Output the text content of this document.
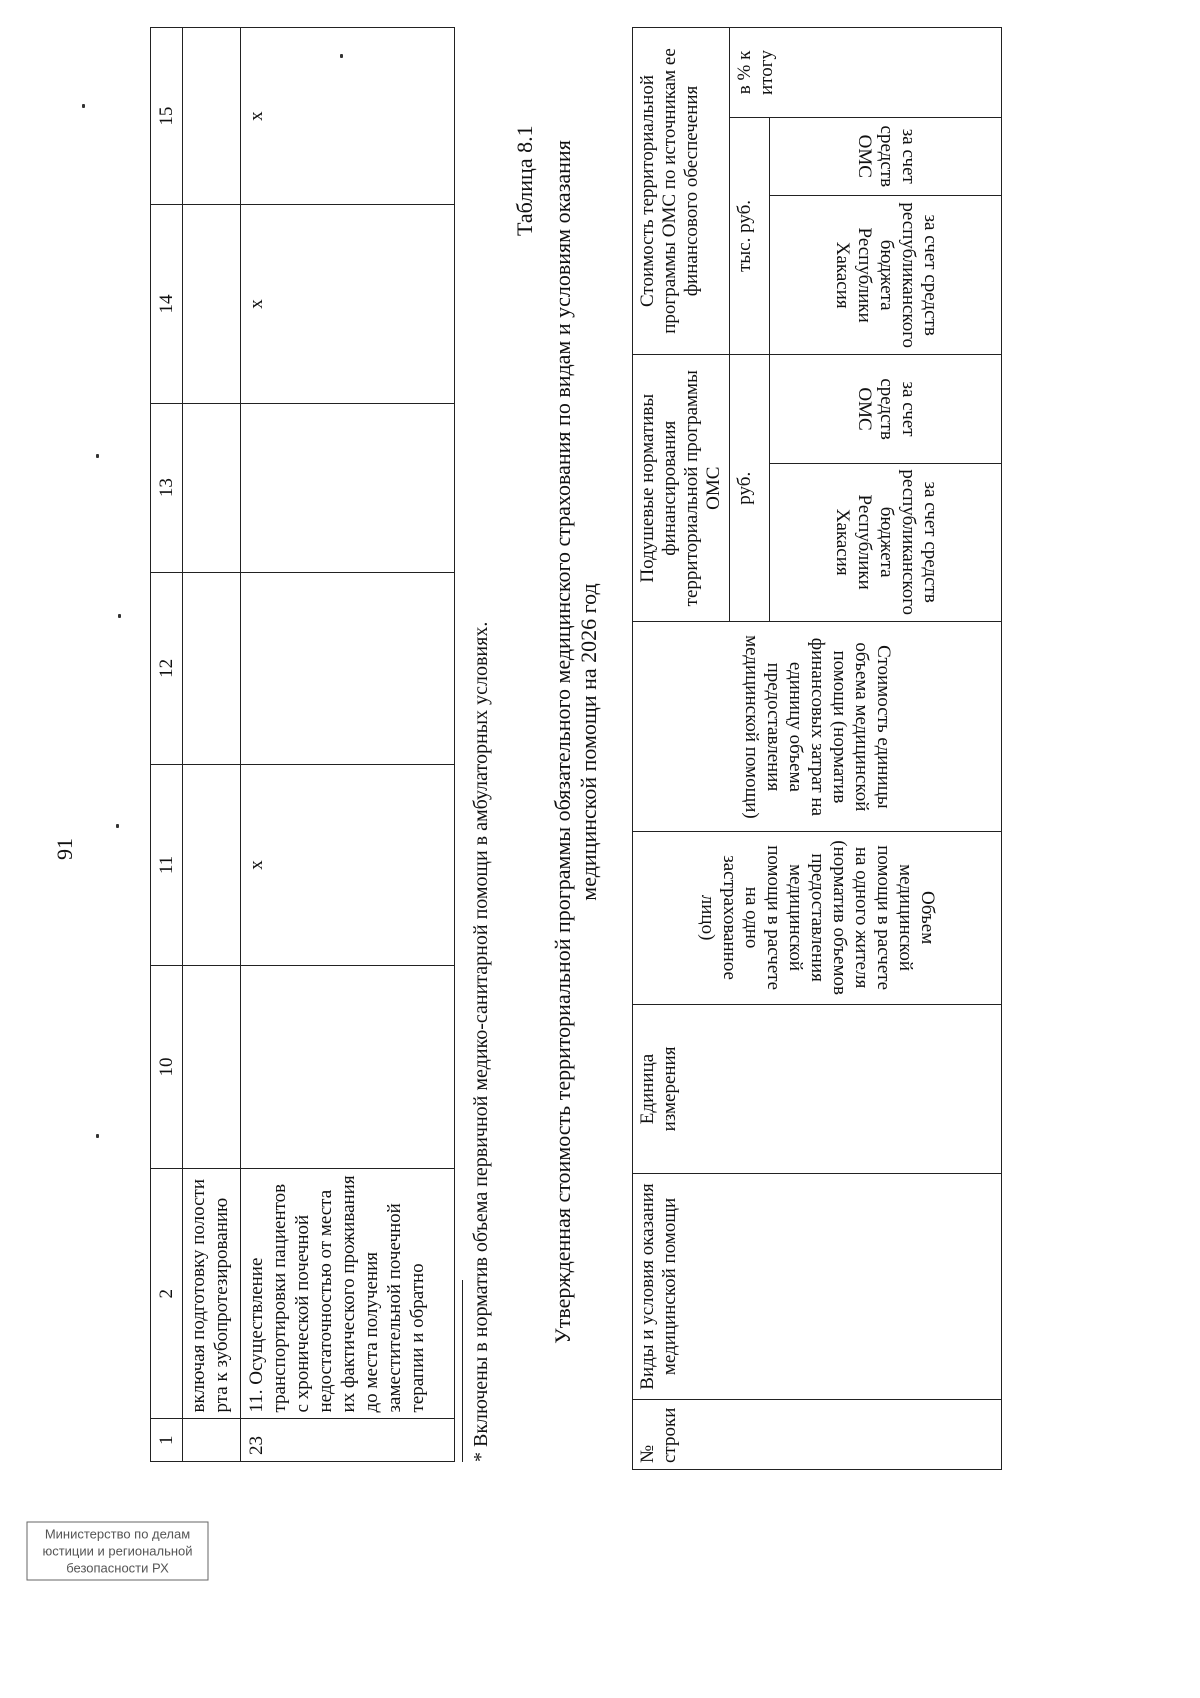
91
1	2	10	11	12	13	14	15
	включая подготовку полости рта к зубопротезированию						
23	11. Осуществление транспортировки пациентов с хронической почечной недостаточностью от места их фактического проживания до места получения заместительной почечной терапии и обратно		x			x	x
* Включены в норматив объема первичной медико-санитарной помощи в амбулаторных условиях.
Таблица 8.1 Утвержденная стоимость территориальной программы обязательного медицинского страхования по видам и условиям оказания медицинской помощи на 2026 год
№ строки	Виды и условия оказания медицинской помощи	Единица измерения	Объем медицинской помощи в расчете на одного жителя (норматив объемов предоставления медицинской помощи в расчете на одно застрахованное лицо)	Стоимость единицы объема медицинской помощи (норматив финансовых затрат на единицу объема предоставления медицинской помощи)	Подушевые нормативы финансирования территориальной программы ОМС		Стоимость территориальной программы ОМС по источникам ее финансового обеспечения		
					руб.		тыс. руб.		в % к итогу
					за счет средств республиканского бюджета Республики Хакасия	за счет средств ОМС	за счет средств республиканского бюджета Республики Хакасия	за счет средств ОМС	
Министерство по делам
юстиции и региональной
безопасности РХ
